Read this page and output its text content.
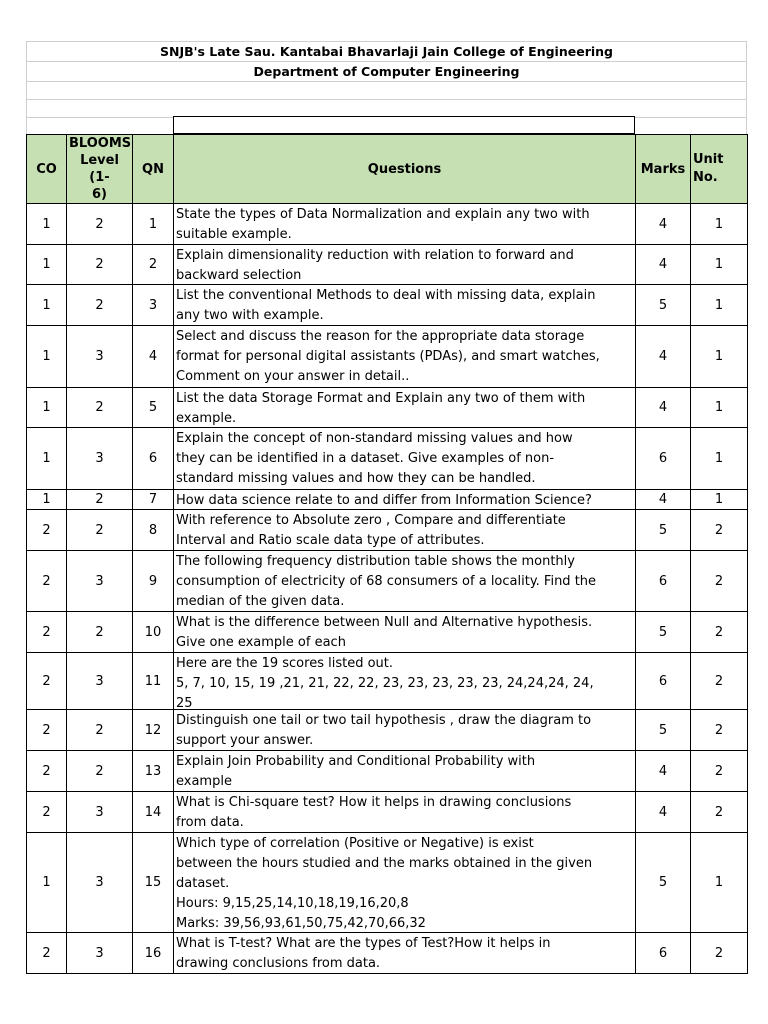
SNJB's Late Sau. Kantabai Bhavarlaji Jain College of Engineering
Department of Computer Engineering
CO	BLOOMS
Level (1-
6)	QN	Questions	Marks	Unit
No.
1	2	1	State the types of Data Normalization and explain any two with
suitable example.	4	1
1	2	2	Explain dimensionality reduction with relation to forward and
backward selection	4	1
1	2	3	List the conventional Methods to deal with missing data, explain
any two with example.	5	1
1	3	4	Select and discuss the reason for the appropriate data storage
format for personal digital assistants (PDAs), and smart watches,
Comment on your answer in detail..	4	1
1	2	5	List the data Storage Format and Explain any two of them with
example.	4	1
1	3	6	Explain the concept of non-standard missing values and how
they can be identified in a dataset. Give examples of non-
standard missing values and how they can be handled.	6	1
1	2	7	How data science relate to and differ from Information Science?	4	1
2	2	8	With reference to Absolute zero , Compare and differentiate
Interval and Ratio scale data type of attributes.	5	2
2	3	9	The following frequency distribution table shows the monthly
consumption of electricity of 68 consumers of a locality. Find the
median of the given data.	6	2
2	2	10	What is the difference between Null and Alternative hypothesis.
Give one example of each	5	2
2	3	11	Here are the 19 scores listed out.
5, 7, 10, 15, 19 ,21, 21, 22, 22, 23, 23, 23, 23, 23, 24,24,24, 24,
25	6	2
2	2	12	Distinguish one tail or two tail hypothesis , draw the diagram to
support your answer.	5	2
2	2	13	Explain Join Probability and Conditional Probability with
example	4	2
2	3	14	What is Chi-square test? How it helps in drawing conclusions
from data.	4	2
1	3	15	Which type of correlation (Positive or Negative) is exist
between the hours studied and the marks obtained in the given
dataset.
Hours: 9,15,25,14,10,18,19,16,20,8
Marks: 39,56,93,61,50,75,42,70,66,32	5	1
2	3	16	What is T-test? What are the types of Test?How it helps in
drawing conclusions from data.	6	2
